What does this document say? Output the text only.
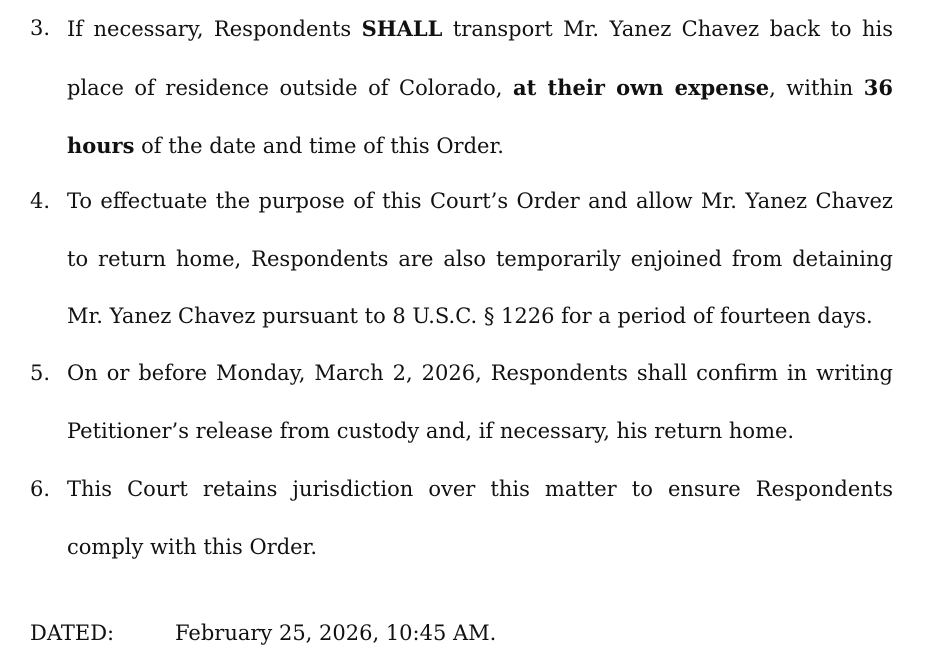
3. If necessary, Respondents SHALL transport Mr. Yanez Chavez back to his place of residence outside of Colorado, at their own expense, within 36 hours of the date and time of this Order.

4. To effectuate the purpose of this Court’s Order and allow Mr. Yanez Chavez to return home, Respondents are also temporarily enjoined from detaining Mr. Yanez Chavez pursuant to 8 U.S.C. § 1226 for a period of fourteen days.

5. On or before Monday, March 2, 2026, Respondents shall confirm in writing Petitioner’s release from custody and, if necessary, his return home.

6. This Court retains jurisdiction over this matter to ensure Respondents comply with this Order.

DATED:	February 25, 2026, 10:45 AM.
